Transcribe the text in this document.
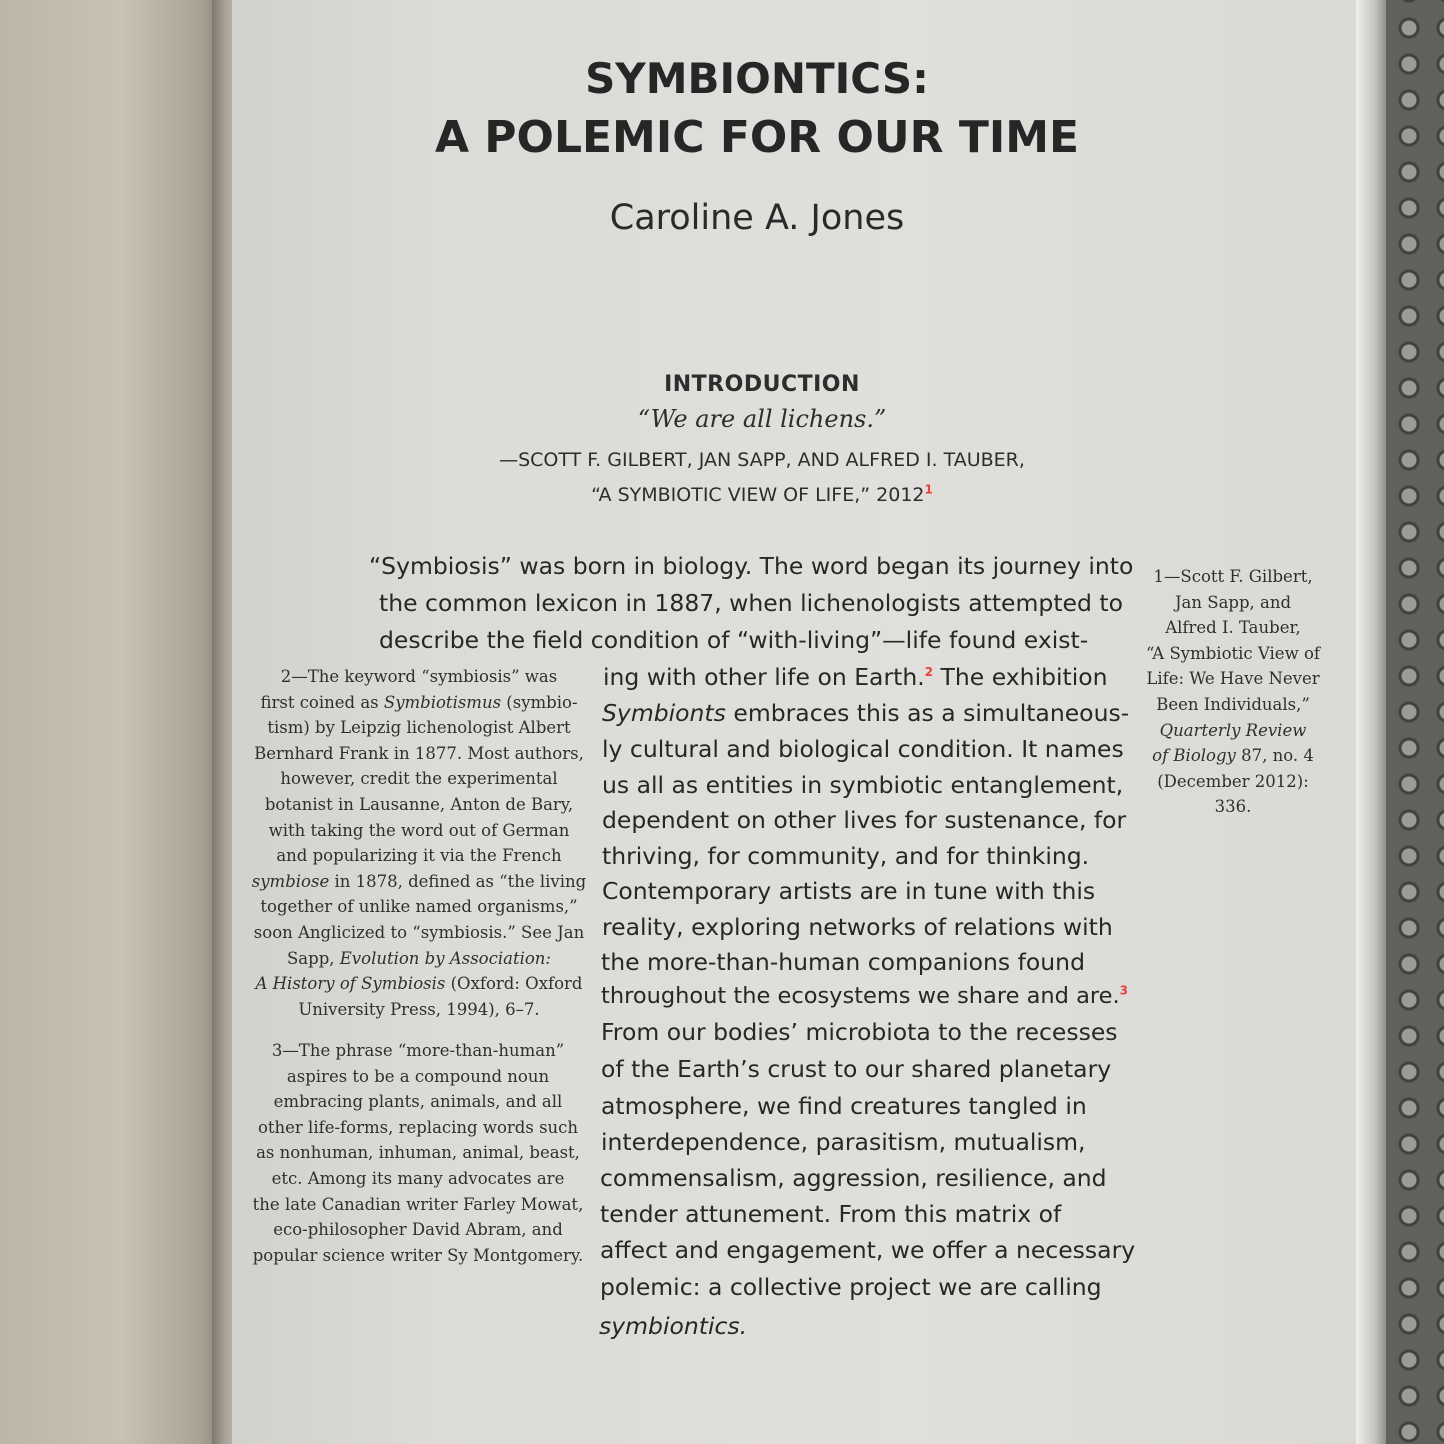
SYMBIONTICS:
A POLEMIC FOR OUR TIME
Caroline A. Jones
INTRODUCTION
“We are all lichens.”
—SCOTT F. GILBERT, JAN SAPP, AND ALFRED I. TAUBER,
“A SYMBIOTIC VIEW OF LIFE,” 2012$^1$
“Symbiosis” was born in biology. The word began its journey into
the common lexicon in 1887, when lichenologists attempted to
describe the field condition of “with-living”—life found exist-
ing with other life on Earth.$^2$ The exhibition
Symbionts embraces this as a simultaneous-
ly cultural and biological condition. It names
us all as entities in symbiotic entanglement,
dependent on other lives for sustenance, for
thriving, for community, and for thinking.
Contemporary artists are in tune with this
reality, exploring networks of relations with
the more-than-human companions found
throughout the ecosystems we share and are.$^3$
From our bodies’ microbiota to the recesses
of the Earth’s crust to our shared planetary
atmosphere, we find creatures tangled in
interdependence, parasitism, mutualism,
commensalism, aggression, resilience, and
tender attunement. From this matrix of
affect and engagement, we offer a necessary
polemic: a collective project we are calling
symbiontics.
1—Scott F. Gilbert,
Jan Sapp, and
Alfred I. Tauber,
“A Symbiotic View of
Life: We Have Never
Been Individuals,”
Quarterly Review
of Biology 87, no. 4
(December 2012):
336.
2—The keyword “symbiosis” was
first coined as Symbiotismus (symbio-
tism) by Leipzig lichenologist Albert
Bernhard Frank in 1877. Most authors,
however, credit the experimental
botanist in Lausanne, Anton de Bary,
with taking the word out of German
and popularizing it via the French
symbiose in 1878, defined as “the living
together of unlike named organisms,”
soon Anglicized to “symbiosis.” See Jan
Sapp, Evolution by Association:
A History of Symbiosis (Oxford: Oxford
University Press, 1994), 6–7.
3—The phrase “more-than-human”
aspires to be a compound noun
embracing plants, animals, and all
other life-forms, replacing words such
as nonhuman, inhuman, animal, beast,
etc. Among its many advocates are
the late Canadian writer Farley Mowat,
eco-philosopher David Abram, and
popular science writer Sy Montgomery.
